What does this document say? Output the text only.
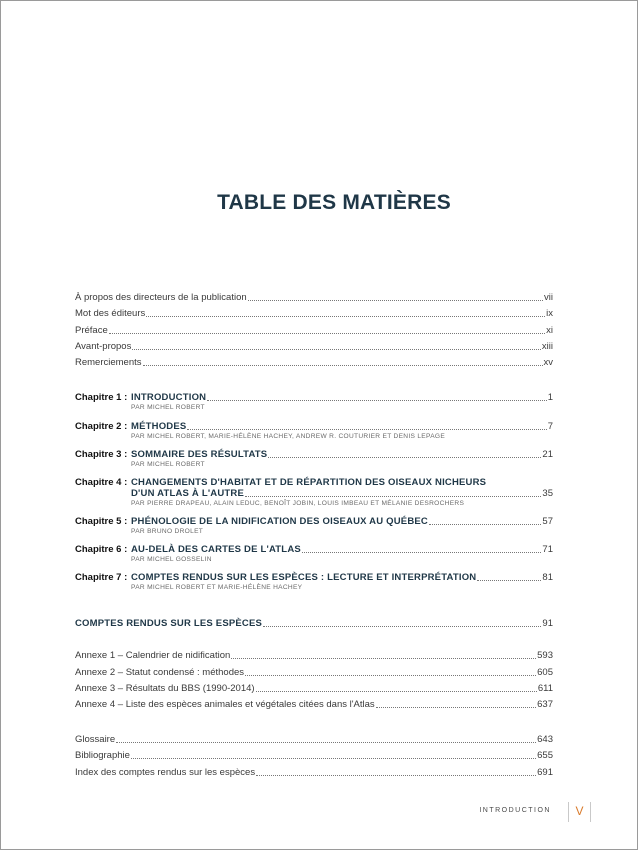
TABLE DES MATIÈRES
À propos des directeurs de la publication	vii
Mot des éditeurs	ix
Préface	xi
Avant-propos	xiii
Remerciements	xv
Chapitre 1 : INTRODUCTION	1
PAR MICHEL ROBERT
Chapitre 2 : MÉTHODES	7
PAR MICHEL ROBERT, MARIE-HÉLÈNE HACHEY, ANDREW R. COUTURIER ET DENIS LEPAGE
Chapitre 3 : SOMMAIRE DES RÉSULTATS	21
PAR MICHEL ROBERT
Chapitre 4 : CHANGEMENTS D'HABITAT ET DE RÉPARTITION DES OISEAUX NICHEURS
D'UN ATLAS À L'AUTRE	35
PAR PIERRE DRAPEAU, ALAIN LEDUC, BENOÎT JOBIN, LOUIS IMBEAU ET MÉLANIE DESROCHERS
Chapitre 5 : PHÉNOLOGIE DE LA NIDIFICATION DES OISEAUX AU QUÉBEC	57
PAR BRUNO DROLET
Chapitre 6 : AU-DELÀ DES CARTES DE L'ATLAS	71
PAR MICHEL GOSSELIN
Chapitre 7 : COMPTES RENDUS SUR LES ESPÈCES : LECTURE ET INTERPRÉTATION	81
PAR MICHEL ROBERT ET MARIE-HÉLÈNE HACHEY
COMPTES RENDUS SUR LES ESPÈCES	91
Annexe 1 – Calendrier de nidification	593
Annexe 2 – Statut condensé : méthodes	605
Annexe 3 – Résultats du BBS (1990-2014)	611
Annexe 4 – Liste des espèces animales et végétales citées dans l'Atlas	637
Glossaire	643
Bibliographie	655
Index des comptes rendus sur les espèces	691
INTRODUCTION	V
